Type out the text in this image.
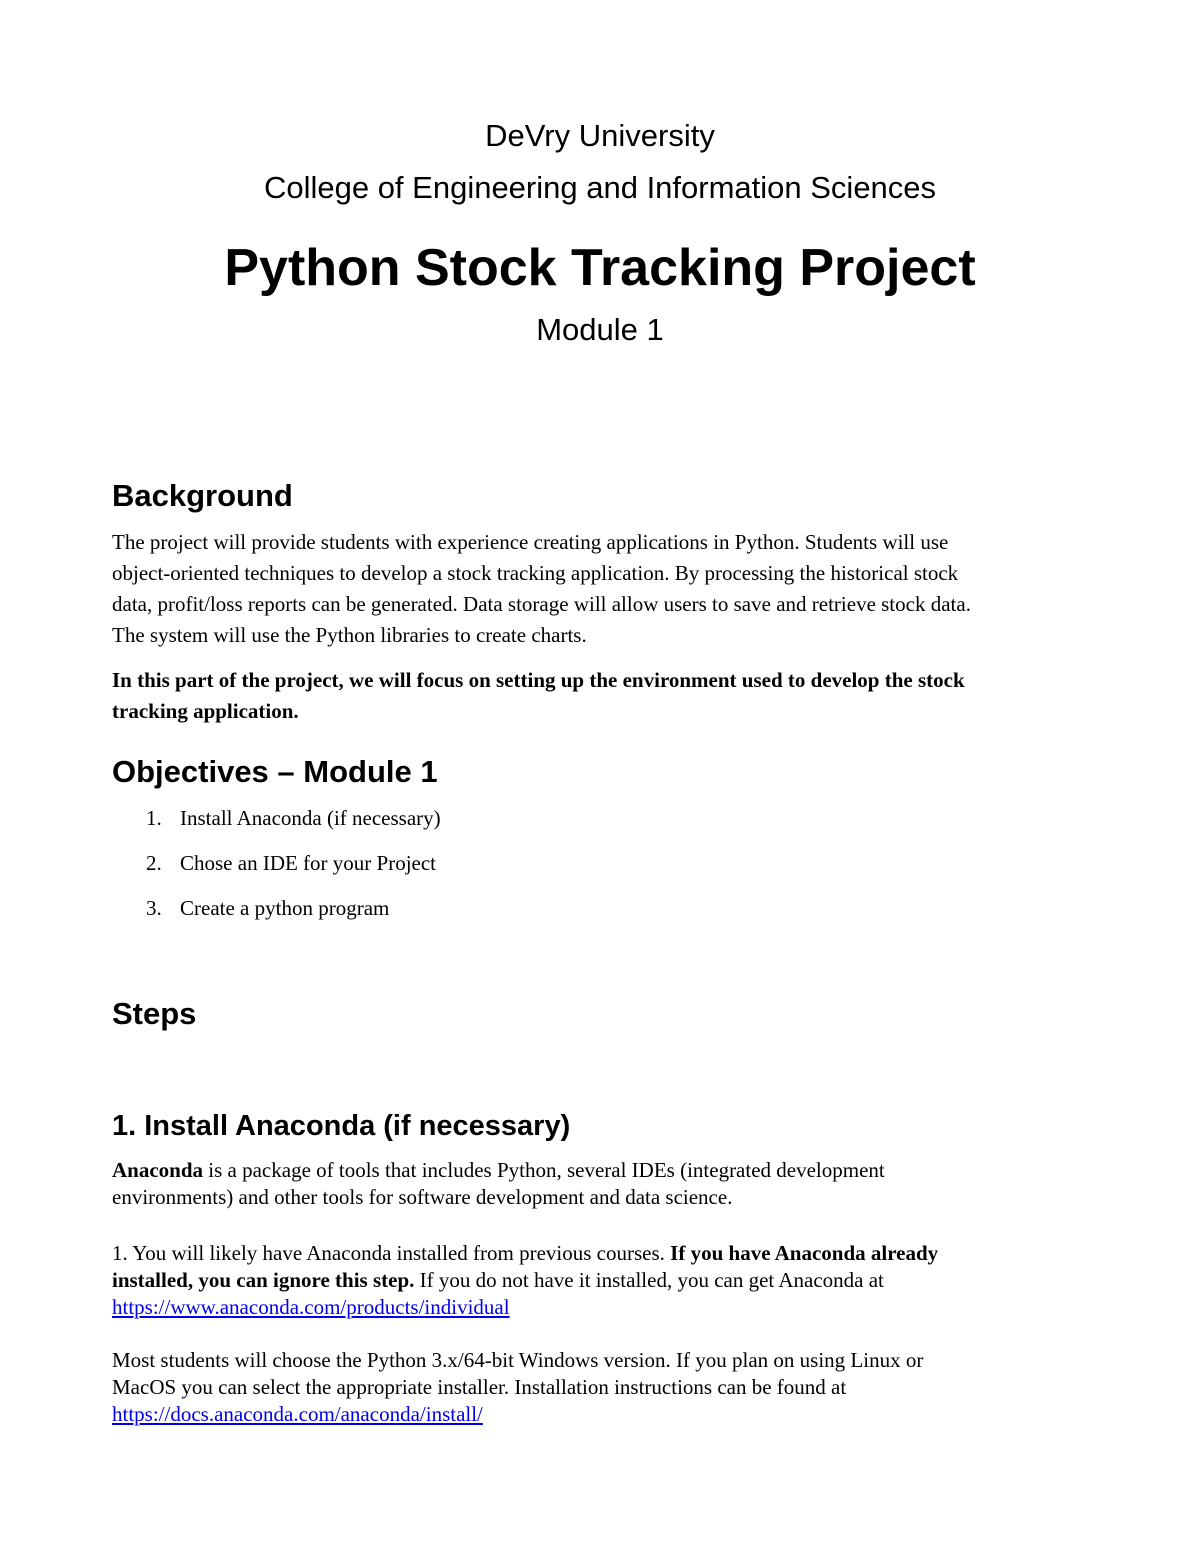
DeVry University

College of Engineering and Information Sciences

Python Stock Tracking Project

Module 1

Background

The project will provide students with experience creating applications in Python. Students will use
object-oriented techniques to develop a stock tracking application. By processing the historical stock
data, profit/loss reports can be generated. Data storage will allow users to save and retrieve stock data.
The system will use the Python libraries to create charts.

In this part of the project, we will focus on setting up the environment used to develop the stock
tracking application.

Objectives – Module 1
1. Install Anaconda (if necessary)
2. Chose an IDE for your Project
3. Create a python program
Steps
1. Install Anaconda (if necessary)

Anaconda is a package of tools that includes Python, several IDEs (integrated development
environments) and other tools for software development and data science.

1. You will likely have Anaconda installed from previous courses. If you have Anaconda already
installed, you can ignore this step. If you do not have it installed, you can get Anaconda at
https://www.anaconda.com/products/individual

Most students will choose the Python 3.x/64-bit Windows version. If you plan on using Linux or
MacOS you can select the appropriate installer. Installation instructions can be found at
https://docs.anaconda.com/anaconda/install/
